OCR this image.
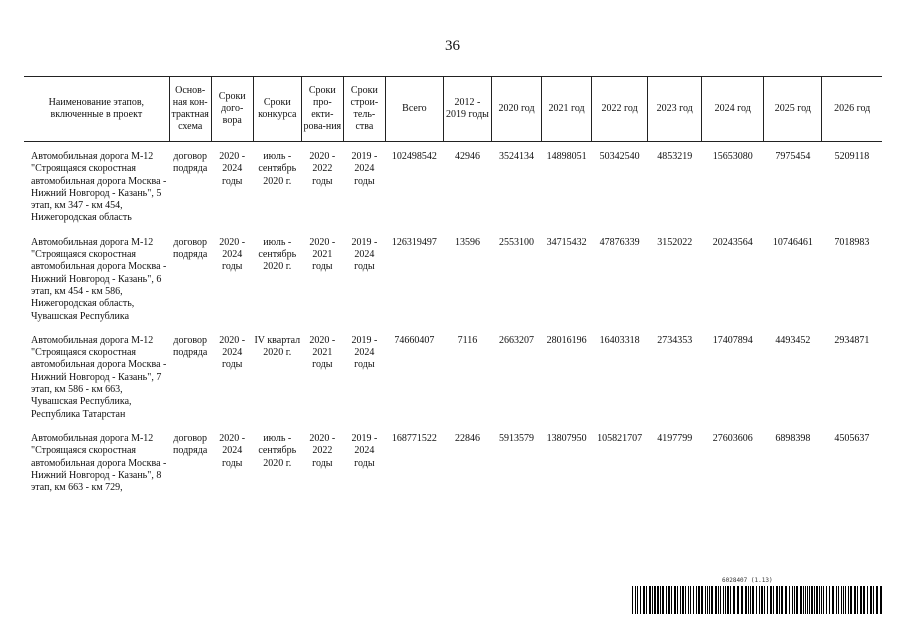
36
Наименование этапов, включенные в проект	Основ-ная кон-трактная схема	Сроки дого-вора	Сроки конкурса	Сроки про-екти-рова-ния	Сроки строи-тель-ства	Всего	2012 - 2019 годы	2020 год	2021 год	2022 год	2023 год	2024 год	2025 год	2026 год
Автомобильная дорога М-12 "Строящаяся скоростная автомобильная дорога Москва - Нижний Новгород - Казань", 5 этап, км 347 - км 454, Нижегородская область	договор подряда	2020 - 2024 годы	июль - сентябрь 2020 г.	2020 - 2022 годы	2019 - 2024 годы	102498542	42946	3524134	14898051	50342540	4853219	15653080	7975454	5209118
Автомобильная дорога М-12 "Строящаяся скоростная автомобильная дорога Москва - Нижний Новгород - Казань", 6 этап, км 454 - км 586, Нижегородская область, Чувашская Республика	договор подряда	2020 - 2024 годы	июль - сентябрь 2020 г.	2020 - 2021 годы	2019 - 2024 годы	126319497	13596	2553100	34715432	47876339	3152022	20243564	10746461	7018983
Автомобильная дорога М-12 "Строящаяся скоростная автомобильная дорога Москва - Нижний Новгород - Казань", 7 этап, км 586 - км 663, Чувашская Республика, Республика Татарстан	договор подряда	2020 - 2024 годы	IV квартал 2020 г.	2020 - 2021 годы	2019 - 2024 годы	74660407	7116	2663207	28016196	16403318	2734353	17407894	4493452	2934871
Автомобильная дорога М-12 "Строящаяся скоростная автомобильная дорога Москва - Нижний Новгород - Казань", 8 этап, км 663 - км 729,	договор подряда	2020 - 2024 годы	июль - сентябрь 2020 г.	2020 - 2022 годы	2019 - 2024 годы	168771522	22846	5913579	13807950	105821707	4197799	27603606	6898398	4505637
6028407 (1.13)
